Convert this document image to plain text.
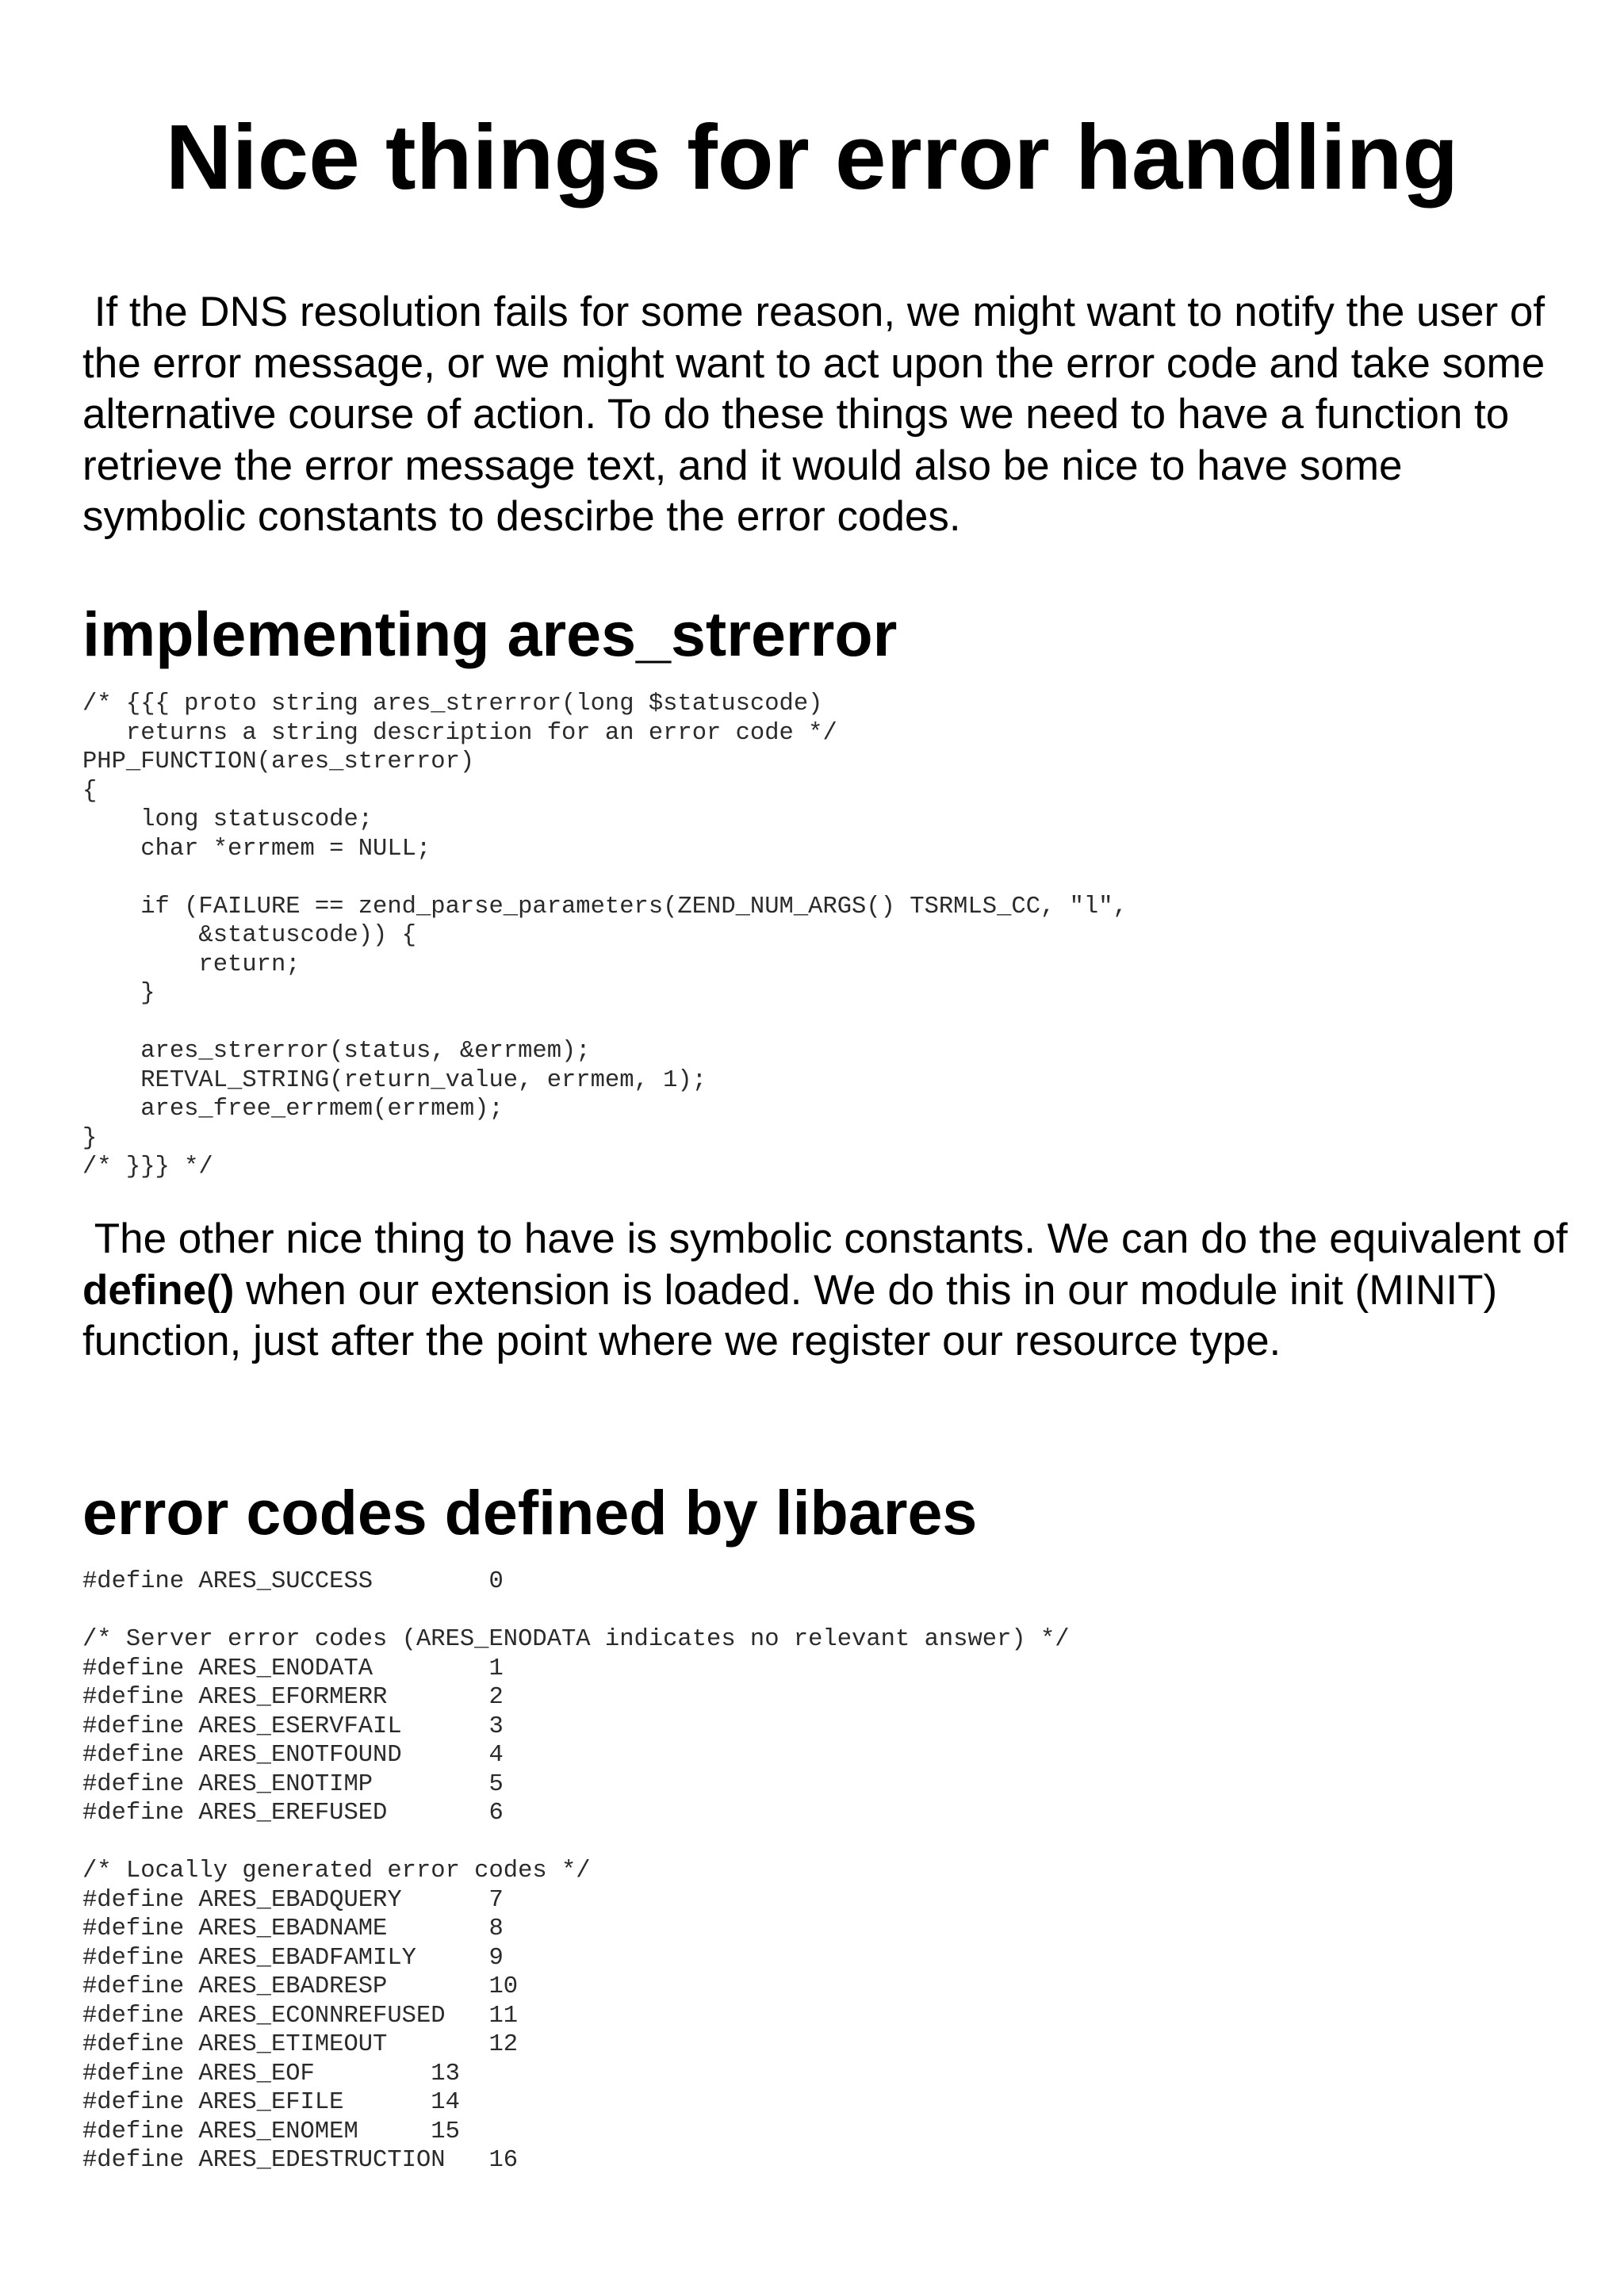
Nice things for error handling

If the DNS resolution fails for some reason, we might want to notify the user of the error message, or we might want to act upon the error code and take some alternative course of action. To do these things we need to have a function to retrieve the error message text, and it would also be nice to have some symbolic constants to descirbe the error codes.

implementing ares_strerror
/* {{{ proto string ares_strerror(long $statuscode)
returns a string description for an error code */
PHP_FUNCTION(ares_strerror)
{
long statuscode;
char *errmem = NULL;

if (FAILURE == zend_parse_parameters(ZEND_NUM_ARGS() TSRMLS_CC, "l",
&statuscode)) {
return;
}

ares_strerror(status, &errmem);
RETVAL_STRING(return_value, errmem, 1);
ares_free_errmem(errmem);
}
/* }}} */

The other nice thing to have is symbolic constants. We can do the equivalent of define() when our extension is loaded. We do this in our module init (MINIT) function, just after the point where we register our resource type.

error codes defined by libares
#define ARES_SUCCESS        0

/* Server error codes (ARES_ENODATA indicates no relevant answer) */
#define ARES_ENODATA        1
#define ARES_EFORMERR       2
#define ARES_ESERVFAIL      3
#define ARES_ENOTFOUND      4
#define ARES_ENOTIMP        5
#define ARES_EREFUSED       6

/* Locally generated error codes */
#define ARES_EBADQUERY      7
#define ARES_EBADNAME       8
#define ARES_EBADFAMILY     9
#define ARES_EBADRESP       10
#define ARES_ECONNREFUSED   11
#define ARES_ETIMEOUT       12
#define ARES_EOF        13
#define ARES_EFILE      14
#define ARES_ENOMEM     15
#define ARES_EDESTRUCTION   16
